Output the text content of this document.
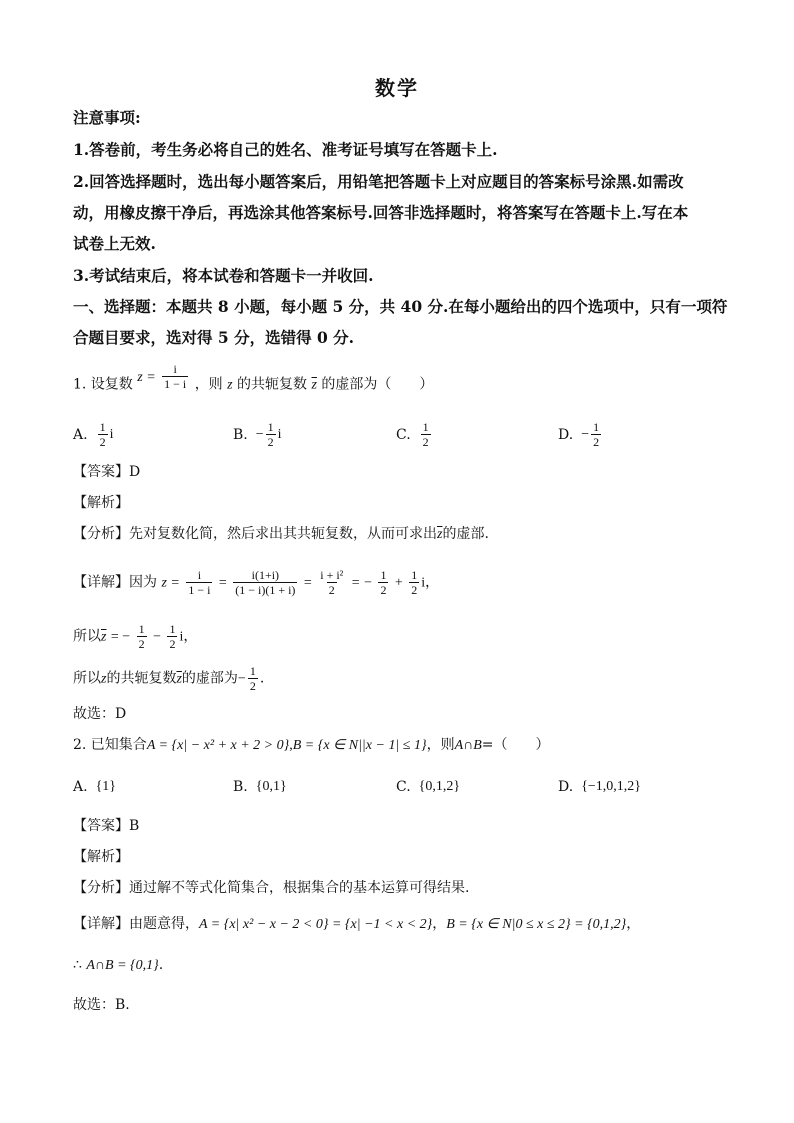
数学
注意事项:
1.答卷前，考生务必将自己的姓名、准考证号填写在答题卡上.
2.回答选择题时，选出每小题答案后，用铅笔把答题卡上对应题目的答案标号涂黑.如需改
动，用橡皮擦干净后，再选涂其他答案标号.回答非选择题时，将答案写在答题卡上.写在本
试卷上无效.
3.考试结束后，将本试卷和答题卡一并收回.
一、选择题：本题共 8 小题，每小题 5 分，共 40 分.在每小题给出的四个选项中，只有一项符
合题目要求，选对得 5 分，选错得 0 分.
1. 设复数 $z = \frac{i}{1 - i}$ ，则 z 的共轭复数 $\overline{z}$ 的虚部为（　　）
A. $\frac{1}{2}$ i	B. − $\frac{1}{2}$ i	C. $\frac{1}{2}$	D. − $\frac{1}{2}$
【答案】D
【解析】
【分析】先对复数化简，然后求出其共轭复数，从而可求出$\overline{z}$的虚部.
【详解】因为 $z = \frac{i}{1 - i} = \frac{i(1+i)}{(1 - i)(1 + i)} = \frac{\text{i + i²}}{2}$ = − $\frac{1}{2} + \frac{1}{2}$ i，
所以$\overline{z}$ = − $\frac{1}{2} - \frac{1}{2}$ i，
所以z的共轭复数$\overline{z}$的虚部为− $\frac{1}{2}$ .
故选：D
2. 已知集合A = {x| − x² + x + 2 > 0},B = {x ∈ N||x − 1| ≤ 1}，则A∩B=（　　）
A. {1}	B. {0,1}	C. {0,1,2}	D. {−1,0,1,2}
【答案】B
【解析】
【分析】通过解不等式化简集合，根据集合的基本运算可得结果.
【详解】由题意得，A = {x| x² − x − 2 < 0} = {x| −1 < x < 2}，B = {x ∈ N|0 ≤ x ≤ 2} = {0,1,2}，
∴ A∩B = {0,1}.
故选：B.
